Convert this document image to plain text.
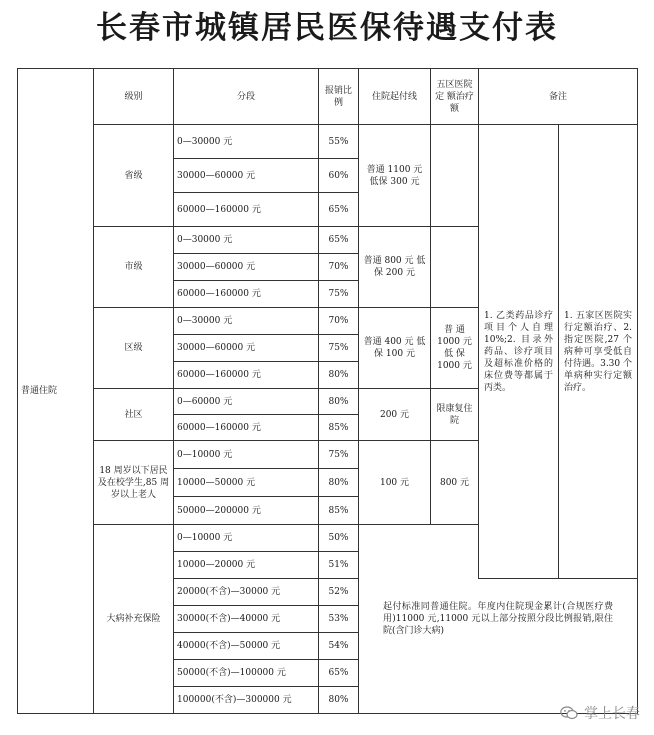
长春市城镇居民医保待遇支付表
普通住院	级别	分段	报销比例	住院起付线	五区医院定 额治疗额	备注	
	省级	0—30000 元	55%	普通 1100 元 低保 300 元		1. 乙类药品诊疗项目个人自理 10%;2. 目录外药品、诊疗项目及超标准价格的床位费等都属于丙类。	1. 五家区医院实行定额治疗、2. 指定医院,27 个病种可享受低自付待遇。3.30 个单病种实行定额治疗。
		30000—60000 元	60%				
		60000—160000 元	65%				
	市级	0—30000 元	65%	普通 800 元 低保 200 元			
		30000—60000 元	70%				
		60000—160000 元	75%				
	区级	0—30000 元	70%	普通 400 元 低保 100 元	普 通 1000 元 低 保 1000 元		
		30000—60000 元	75%				
		60000—160000 元	80%				
	社区	0—60000 元	80%	200 元	限康复住院		
		60000—160000 元	85%				
	18 周岁以下居民及在校学生,85 周岁以上老人	0—10000 元	75%	100 元	800 元		
		10000—50000 元	80%				
		50000—200000 元	85%				
	大病补充保险	0—10000 元	50%	起付标准同普通住院。年度内住院现金累计(合规医疗费用)11000 元,11000 元以上部分按照分段比例报销,限住院(含门诊大病)			
		10000—20000 元	51%				
		20000(不含)—30000 元	52%				
		30000(不含)—40000 元	53%				
		40000(不含)—50000 元	54%				
		50000(不含)—100000 元	65%				
		100000(不含)—300000 元	80%				
掌上长春
